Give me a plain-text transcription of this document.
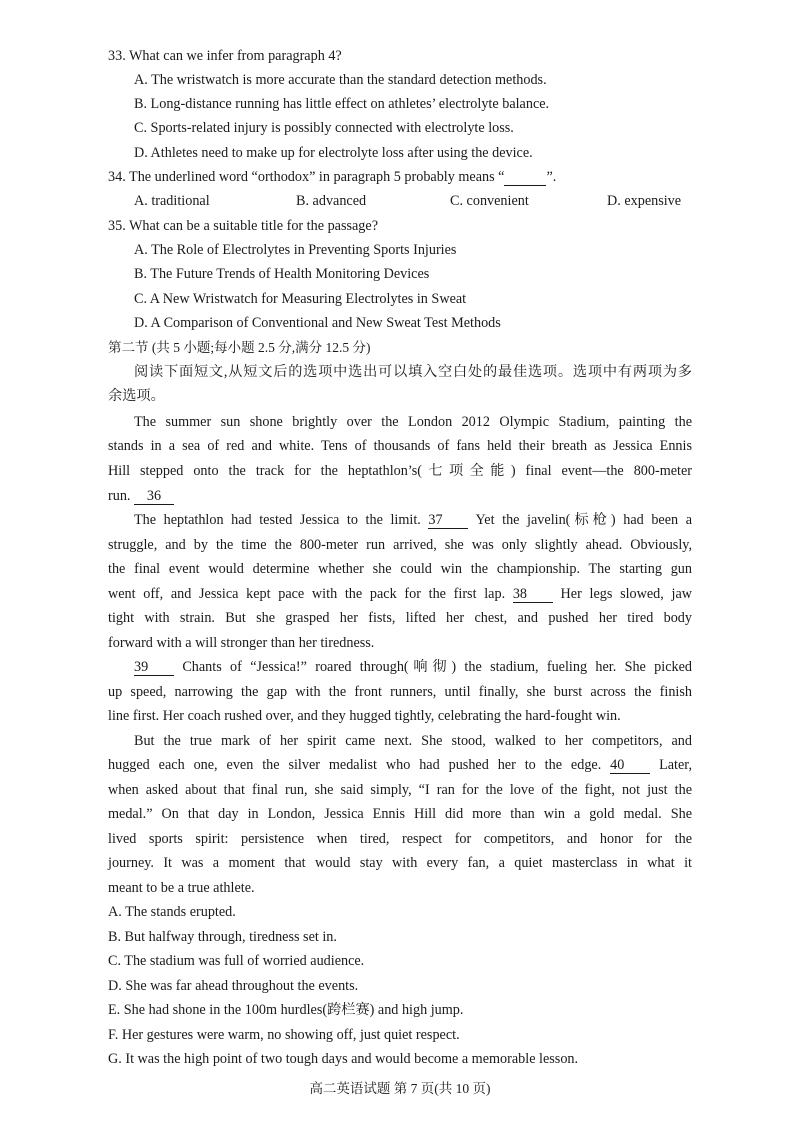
33. What can we infer from paragraph 4?
A. The wristwatch is more accurate than the standard detection methods.
B. Long-distance running has little effect on athletes’ electrolyte balance.
C. Sports-related injury is possibly connected with electrolyte loss.
D. Athletes need to make up for electrolyte loss after using the device.
34. The underlined word “orthodox” in paragraph 5 probably means “	”.
A. traditional	B. advanced	C. convenient	D. expensive
35. What can be a suitable title for the passage?
A. The Role of Electrolytes in Preventing Sports Injuries
B. The Future Trends of Health Monitoring Devices
C. A New Wristwatch for Measuring Electrolytes in Sweat
D. A Comparison of Conventional and New Sweat Test Methods
第二节 (共 5 小题;每小题 2.5 分,满分 12.5 分)
阅读下面短文,从短文后的选项中选出可以填入空白处的最佳选项。选项中有两项为多
余选项。
The summer sun shone brightly over the London 2012 Olympic Stadium, painting the
stands in a sea of red and white. Tens of thousands of fans held their breath as Jessica Ennis
Hill stepped onto the track for the heptathlon’s(七项全能) final event—the 800-meter
run. 36
The heptathlon had tested Jessica to the limit. 37 Yet the javelin(标枪) had been a
struggle, and by the time the 800-meter run arrived, she was only slightly ahead. Obviously,
the final event would determine whether she could win the championship. The starting gun
went off, and Jessica kept pace with the pack for the first lap. 38 Her legs slowed, jaw
tight with strain. But she grasped her fists, lifted her chest, and pushed her tired body
forward with a will stronger than her tiredness.
39 Chants of “Jessica!” roared through(响彻) the stadium, fueling her. She picked
up speed, narrowing the gap with the front runners, until finally, she burst across the finish
line first. Her coach rushed over, and they hugged tightly, celebrating the hard-fought win.
But the true mark of her spirit came next. She stood, walked to her competitors, and
hugged each one, even the silver medalist who had pushed her to the edge. 40 Later,
when asked about that final run, she said simply, “I ran for the love of the fight, not just the
medal.” On that day in London, Jessica Ennis Hill did more than win a gold medal. She
lived sports spirit: persistence when tired, respect for competitors, and honor for the
journey. It was a moment that would stay with every fan, a quiet masterclass in what it
meant to be a true athlete.
A. The stands erupted.
B. But halfway through, tiredness set in.
C. The stadium was full of worried audience.
D. She was far ahead throughout the events.
E. She had shone in the 100m hurdles(跨栏赛) and high jump.
F. Her gestures were warm, no showing off, just quiet respect.
G. It was the high point of two tough days and would become a memorable lesson.
高二英语试题 第 7 页(共 10 页)
